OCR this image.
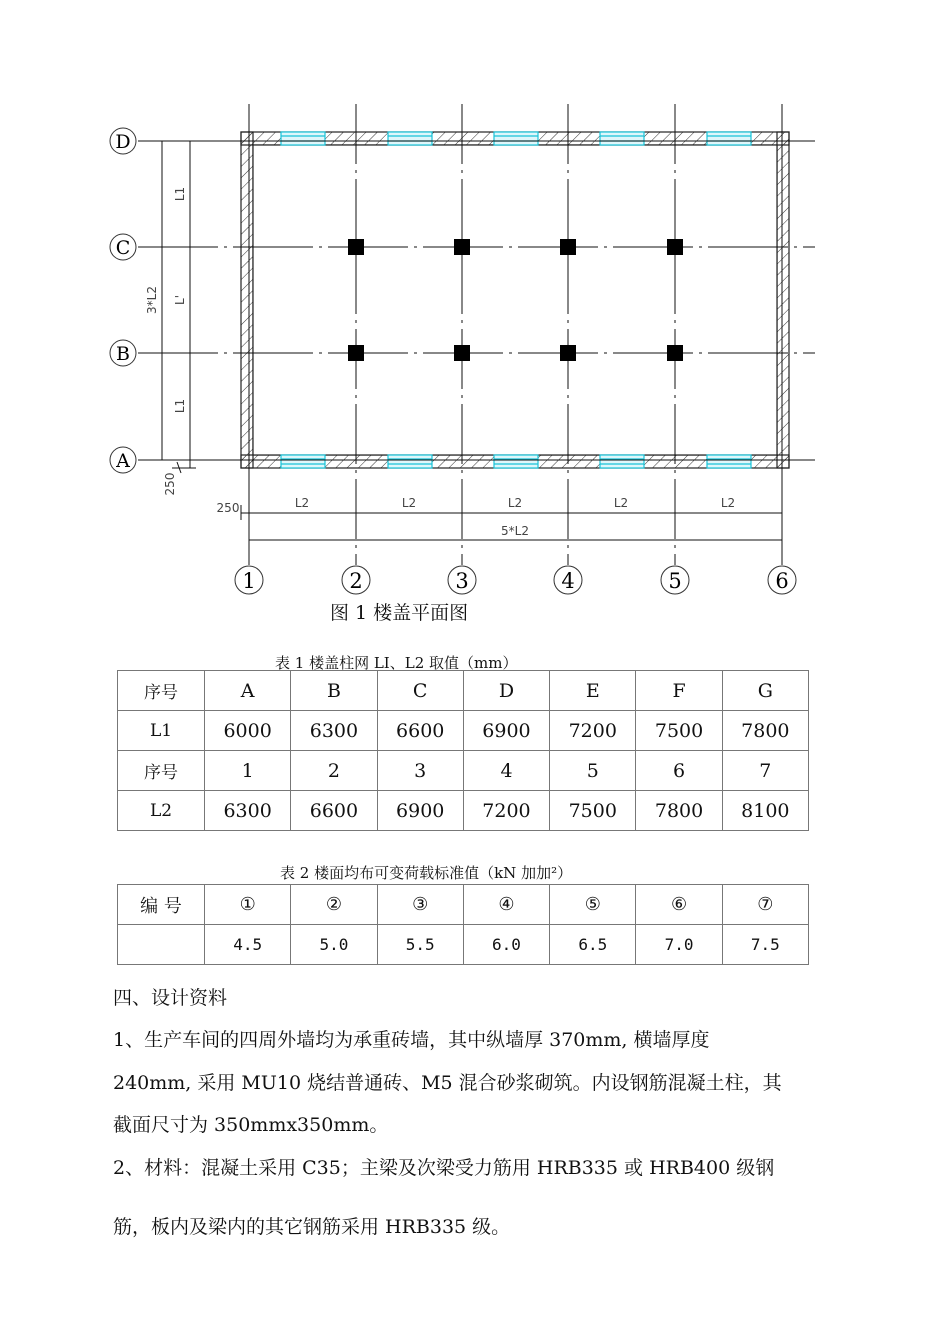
D
C
B
A
1	2	3	4	5	6
L1
L'
L1
3*L2
250
250	L2	L2	L2	L2	L2
5*L2
图 1 楼盖平面图
表 1 楼盖柱网 LI、L2 取值（mm）
序号	A	B	C	D	E	F	G
L1	6000	6300	6600	6900	7200	7500	7800
序号	1	2	3	4	5	6	7
L2	6300	6600	6900	7200	7500	7800	8100
表 2 楼面均布可变荷载标准值（kN 加加²）
编 号	①	②	③	④	⑤	⑥	⑦
	4.5	5.0	5.5	6.0	6.5	7.0	7.5
四、设计资料
1、生产车间的四周外墙均为承重砖墙，其中纵墙厚 370mm, 横墙厚度
240mm, 采用 MU10 烧结普通砖、M5 混合砂浆砌筑。内设钢筋混凝土柱，其
截面尺寸为 350mmx350mm。
2、材料：混凝土采用 C35；主梁及次梁受力筋用 HRB335 或 HRB400 级钢
筋，板内及梁内的其它钢筋采用 HRB335 级。
